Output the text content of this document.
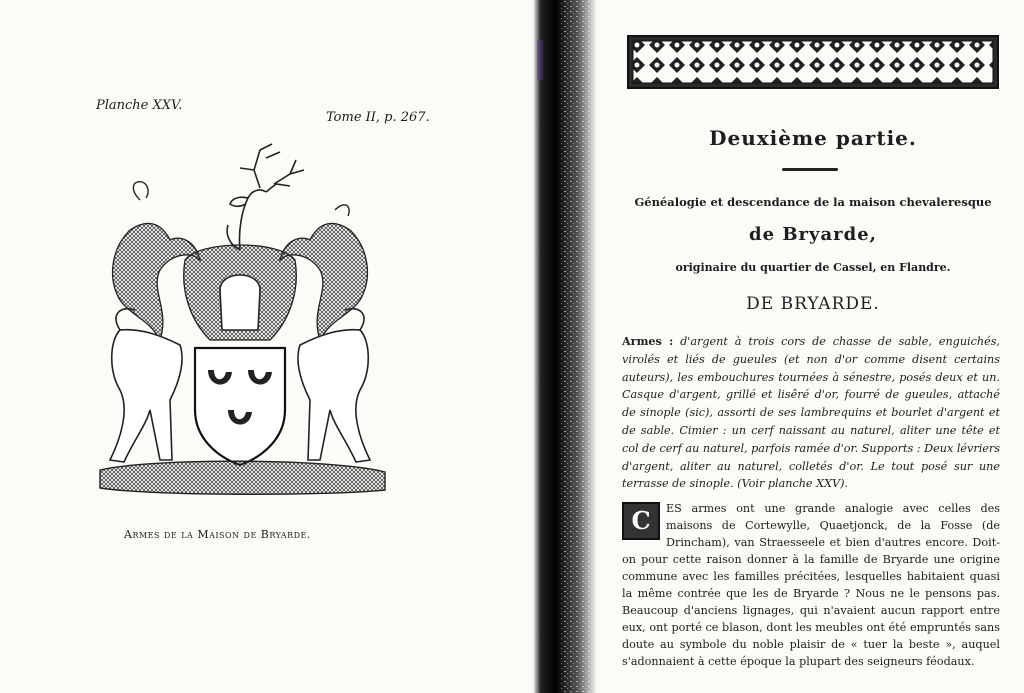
Planche XXV.
Tome II, p. 267.
Armes de la Maison de Bryarde.
Deuxième partie.
Généalogie et descendance de la maison chevaleresque
de Bryarde,
originaire du quartier de Cassel, en Flandre.
DE BRYARDE.
Armes : d'argent à trois cors de chasse de sable, enguichés, virolés et liés de gueules (et non d'or comme disent certains auteurs), les embouchures tournées à sénestre, posés deux et un. Casque d'argent, grillé et lisêré d'or, fourré de gueules, attaché de sinople (sic), assorti de ses lambrequins et bourlet d'argent et de sable. Cimier : un cerf naissant au naturel, aliter une tête et col de cerf au naturel, parfois ramée d'or. Supports : Deux lévriers d'argent, aliter au naturel, colletés d'or. Le tout posé sur une terrasse de sinople. (Voir planche XXV).
C	ES armes ont une grande analogie avec celles des maisons de Cortewylle, Quaetjonck, de la Fosse (de Drincham), van Straesseele et bien d'autres encore. Doit-on pour cette raison donner à la famille de Bryarde une origine commune avec les familles précitées, lesquelles habitaient quasi la même contrée que les de Bryarde ? Nous ne le pensons pas. Beaucoup d'anciens lignages, qui n'avaient aucun rapport entre eux, ont porté ce blason, dont les meubles ont été empruntés sans doute au symbole du noble plaisir de « tuer la beste », auquel s'adonnaient à cette époque la plupart des seigneurs féodaux.
